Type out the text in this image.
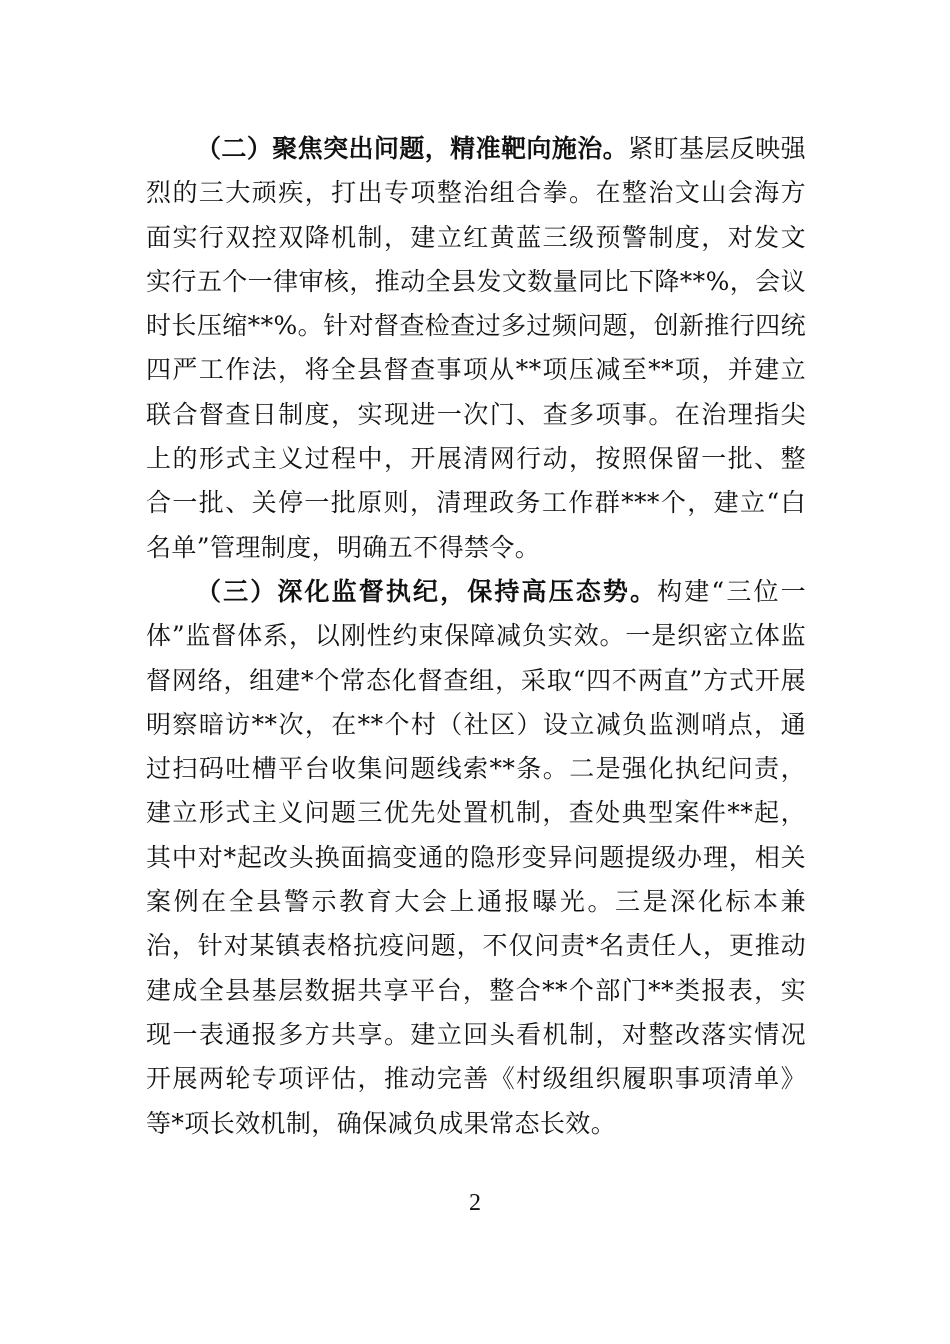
（二）聚焦突出问题，精准靶向施治。紧盯基层反映强烈的三大顽疾，打出专项整治组合拳。在整治文山会海方面实行双控双降机制，建立红黄蓝三级预警制度，对发文实行五个一律审核，推动全县发文数量同比下降**%，会议时长压缩**%。针对督查检查过多过频问题，创新推行四统四严工作法，将全县督查事项从**项压减至**项，并建立联合督查日制度，实现进一次门、查多项事。在治理指尖上的形式主义过程中，开展清网行动，按照保留一批、整合一批、关停一批原则，清理政务工作群***个，建立“白名单”管理制度，明确五不得禁令。

（三）深化监督执纪，保持高压态势。构建“三位一体”监督体系，以刚性约束保障减负实效。一是织密立体监督网络，组建*个常态化督查组，采取“四不两直”方式开展明察暗访**次，在**个村（社区）设立减负监测哨点，通过扫码吐槽平台收集问题线索**条。二是强化执纪问责，建立形式主义问题三优先处置机制，查处典型案件**起，其中对*起改头换面搞变通的隐形变异问题提级办理，相关案例在全县警示教育大会上通报曝光。三是深化标本兼治，针对某镇表格抗疫问题，不仅问责*名责任人，更推动建成全县基层数据共享平台，整合**个部门**类报表，实现一表通报多方共享。建立回头看机制，对整改落实情况开展两轮专项评估，推动完善《村级组织履职事项清单》等*项长效机制，确保减负成果常态长效。

2
